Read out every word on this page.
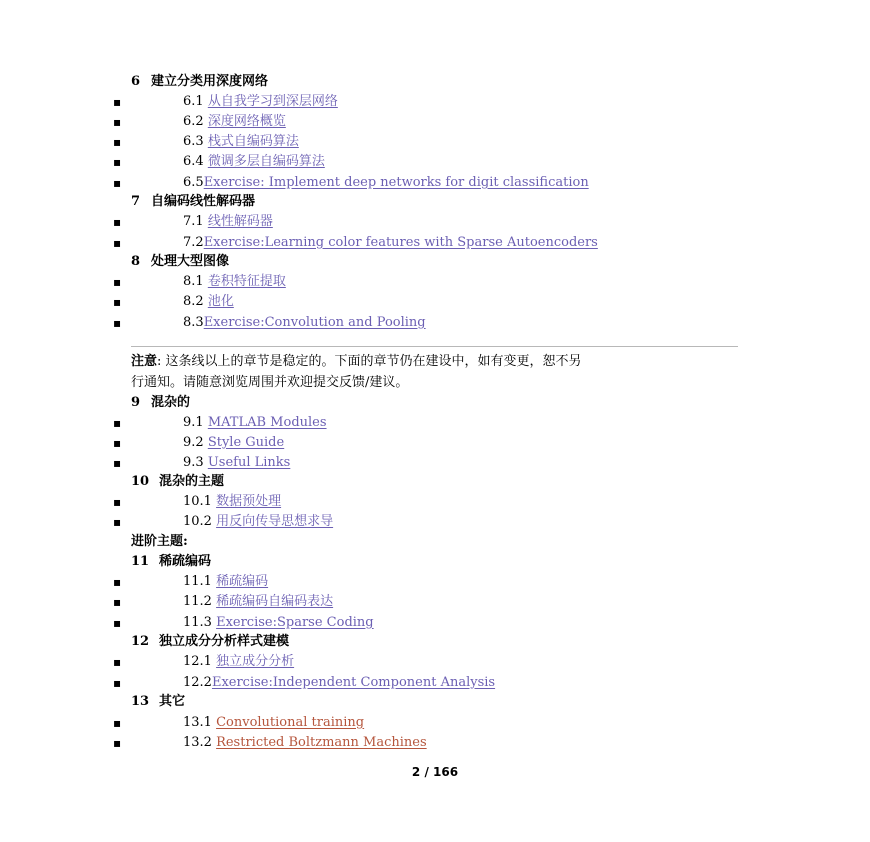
6 建立分类用深度网络
▪	6.1 从自我学习到深层网络
▪	6.2 深度网络概览
▪	6.3 栈式自编码算法
▪	6.4 微调多层自编码算法
▪	6.5Exercise: Implement deep networks for digit classification
7 自编码线性解码器
▪	7.1 线性解码器
▪	7.2Exercise:Learning color features with Sparse Autoencoders
8 处理大型图像
▪	8.1 卷积特征提取
▪	8.2 池化
▪	8.3Exercise:Convolution and Pooling
注意: 这条线以上的章节是稳定的。下面的章节仍在建设中，如有变更，恕不另
行通知。请随意浏览周围并欢迎提交反馈/建议。
9 混杂的
▪	9.1 MATLAB Modules
▪	9.2 Style Guide
▪	9.3 Useful Links
10 混杂的主题
▪	10.1 数据预处理
▪	10.2 用反向传导思想求导
进阶主题:
11 稀疏编码
▪	11.1 稀疏编码
▪	11.2 稀疏编码自编码表达
▪	11.3 Exercise:Sparse Coding
12 独立成分分析样式建模
▪	12.1 独立成分分析
▪	12.2Exercise:Independent Component Analysis
13 其它
▪	13.1 Convolutional training
▪	13.2 Restricted Boltzmann Machines
2 / 166
